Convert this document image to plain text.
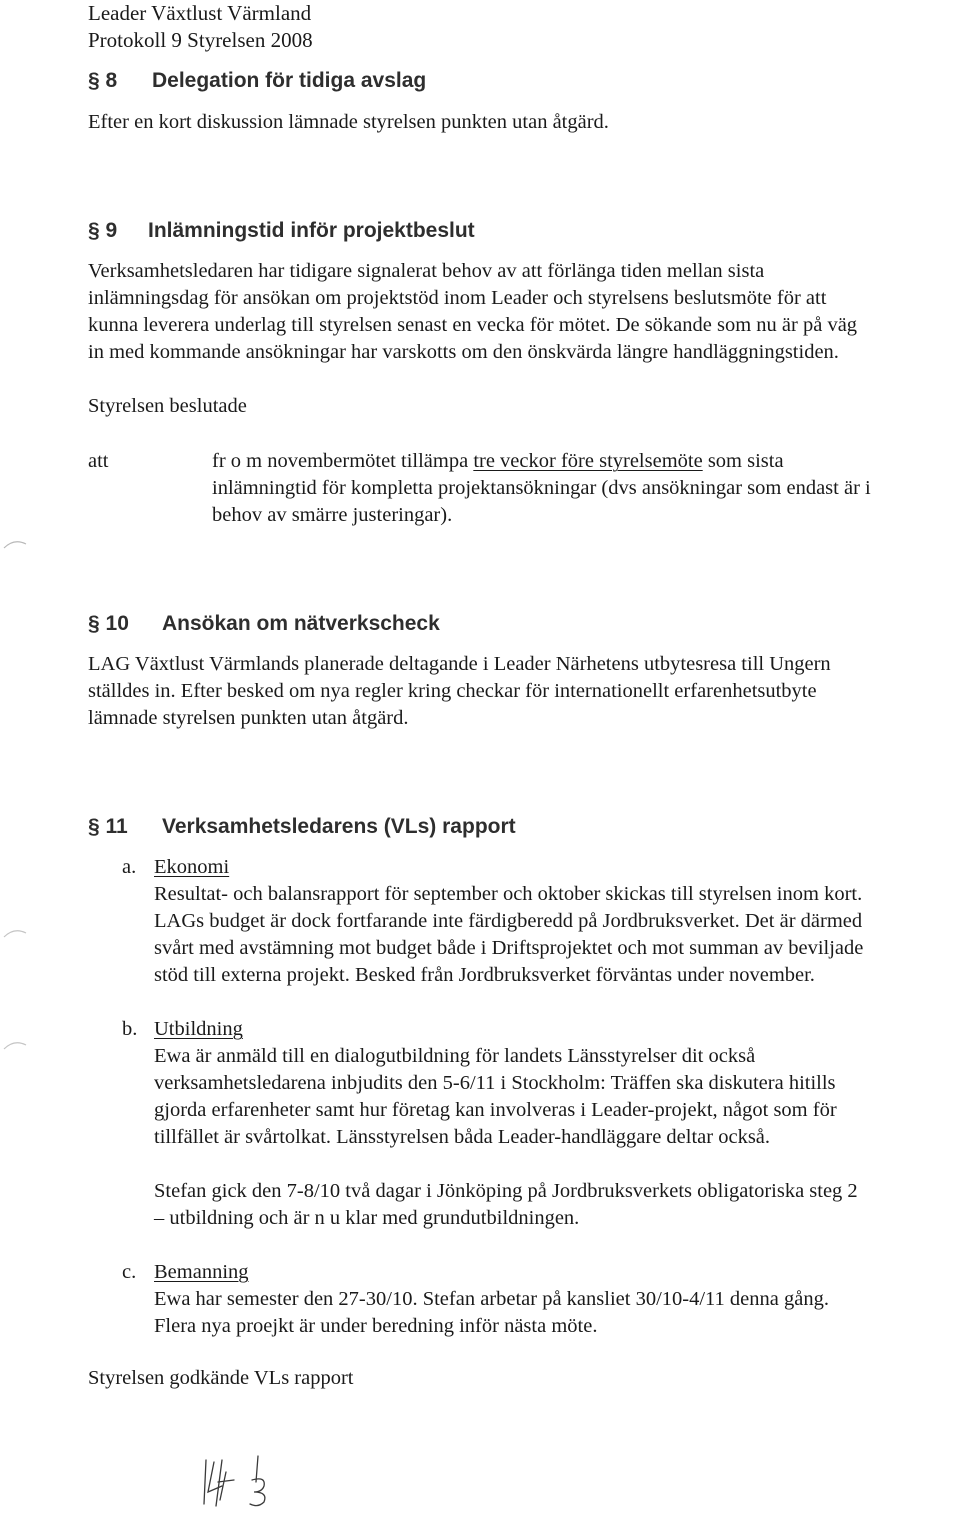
Leader Växtlust Värmland
Protokoll 9 Styrelsen 2008
§ 8 Delegation för tidiga avslag
Efter en kort diskussion lämnade styrelsen punkten utan åtgärd.
§ 9 Inlämningstid inför projektbeslut
Verksamhetsledaren har tidigare signalerat behov av att förlänga tiden mellan sista
inlämningsdag för ansökan om projektstöd inom Leader och styrelsens beslutsmöte för att
kunna leverera underlag till styrelsen senast en vecka för mötet. De sökande som nu är på väg
in med kommande ansökningar har varskotts om den önskvärda längre handläggningstiden.
Styrelsen beslutade
att	fr o m novembermötet tillämpa tre veckor före styrelsemöte som sista
inlämningtid för kompletta projektansökningar (dvs ansökningar som endast är i
behov av smärre justeringar).
§ 10 Ansökan om nätverkscheck
LAG Växtlust Värmlands planerade deltagande i Leader Närhetens utbytesresa till Ungern
ställdes in. Efter besked om nya regler kring checkar för internationellt erfarenhetsutbyte
lämnade styrelsen punkten utan åtgärd.
§ 11 Verksamhetsledarens (VLs) rapport
a. Ekonomi
Resultat- och balansrapport för september och oktober skickas till styrelsen inom kort.
LAGs budget är dock fortfarande inte färdigberedd på Jordbruksverket. Det är därmed
svårt med avstämning mot budget både i Driftsprojektet och mot summan av beviljade
stöd till externa projekt. Besked från Jordbruksverket förväntas under november.
b. Utbildning
Ewa är anmäld till en dialogutbildning för landets Länsstyrelser dit också
verksamhetsledarena inbjudits den 5-6/11 i Stockholm: Träffen ska diskutera hitills
gjorda erfarenheter samt hur företag kan involveras i Leader-projekt, något som för
tillfället är svårtolkat. Länsstyrelsen båda Leader-handläggare deltar också.
Stefan gick den 7-8/10 två dagar i Jönköping på Jordbruksverkets obligatoriska steg 2
– utbildning och är n u klar med grundutbildningen.
c. Bemanning
Ewa har semester den 27-30/10. Stefan arbetar på kansliet 30/10-4/11 denna gång.
Flera nya proejkt är under beredning inför nästa möte.
Styrelsen godkände VLs rapport
